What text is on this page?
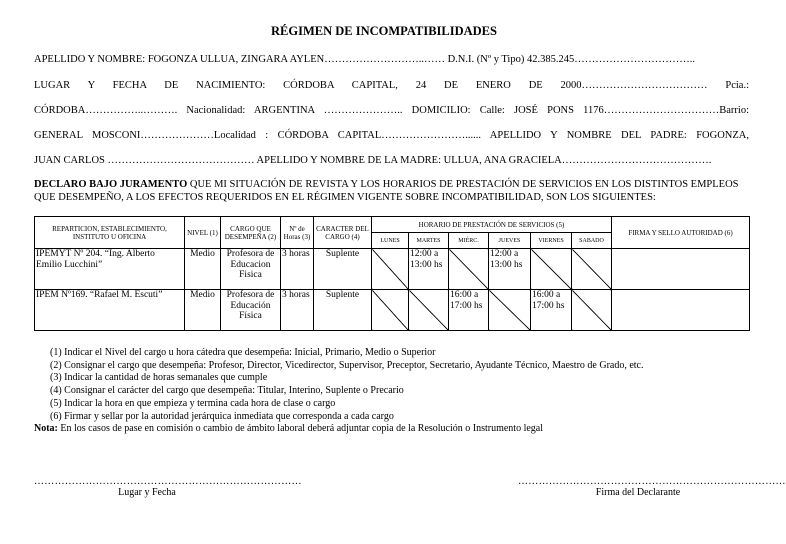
RÉGIMEN DE INCOMPATIBILIDADES
APELLIDO Y NOMBRE: FOGONZA ULLUA, ZINGARA AYLEN………………………..…… D.N.I. (Nº y Tipo) 42.385.245……………………………..
LUGAR Y FECHA DE NACIMIENTO: CÓRDOBA CAPITAL, 24 DE ENERO DE 2000……………………………… Pcia.:
CÓRDOBA……………..………. Nacionalidad: ARGENTINA ………………….. DOMICILIO: Calle: JOSÉ PONS 1176……………………………Barrio:
GENERAL MOSCONI…………………Localidad : CÓRDOBA CAPITAL……………………...... APELLIDO Y NOMBRE DEL PADRE: FOGONZA,
JUAN CARLOS …………………………………… APELLIDO Y NOMBRE DE LA MADRE: ULLUA, ANA GRACIELA…………………………………….
DECLARO BAJO JURAMENTO QUE MI SITUACIÓN DE REVISTA Y LOS HORARIOS DE PRESTACIÓN DE SERVICIOS EN LOS DISTINTOS EMPLEOS QUE DESEMPEÑO, A LOS EFECTOS REQUERIDOS EN EL RÉGIMEN VIGENTE SOBRE INCOMPATIBILIDAD, SON LOS SIGUIENTES:
REPARTICION, ESTABLECIMIENTO, INSTITUTO U OFICINA	NIVEL (1)	CARGO QUE DESEMPEÑA (2)	Nº de Horas (3)	CARACTER DEL CARGO (4)	HORARIO DE PRESTACIÓN DE SERVICIOS (5)						FIRMA Y SELLO AUTORIDAD (6)
					LUNES	MARTES	MIÉRC.	JUEVES	VIERNES	SABADO	
IPEMYT Nº 204. “Ing. Alberto Emilio Lucchini”	Medio	Profesora de Educacion Fisica	3 horas	Suplente		12:00 a 13:00 hs		12:00 a 13:00 hs			
IPEM Nº169. “Rafael M. Escuti”	Medio	Profesora de Educación Física	3 horas	Suplente			16:00 a 17:00 hs		16:00 a 17:00 hs		
(1) Indicar el Nivel del cargo u hora cátedra que desempeña: Inicial, Primario, Medio o Superior
(2) Consignar el cargo que desempeña: Profesor, Director, Vicedirector, Supervisor, Preceptor, Secretario, Ayudante Técnico, Maestro de Grado, etc.
(3) Indicar la cantidad de horas semanales que cumple
(4) Consignar el carácter del cargo que desempeña: Titular, Interino, Suplente o Precario
(5) Indicar la hora en que empieza y termina cada hora de clase o cargo
(6) Firmar y sellar por la autoridad jerárquica inmediata que corresponda a cada cargo
Nota: En los casos de pase en comisión o cambio de ámbito laboral deberá adjuntar copia de la Resolución o Instrumento legal
……………………………………………………………………
Lugar y Fecha
……………………………………………………………………
Firma del Declarante
